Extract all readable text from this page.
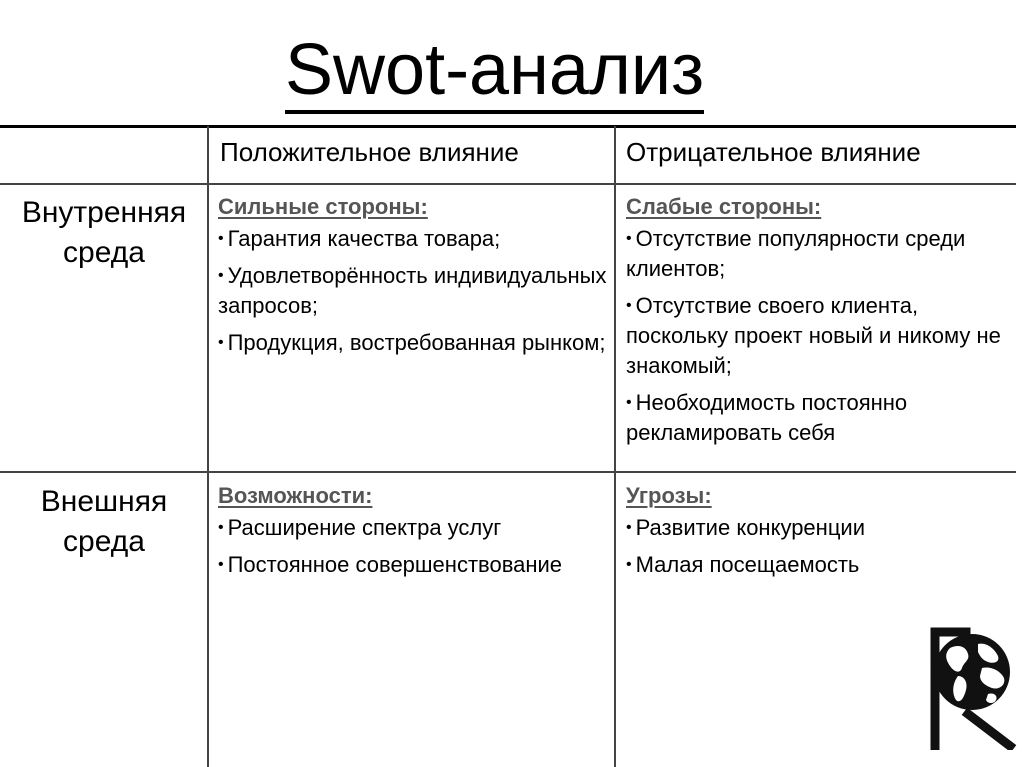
Swot-анализ
Положительное влияние	Отрицательное влияние
Внутренняя среда
Внешняя среда
Сильные стороны:
• Гарантия качества товара;
• Удовлетворённость индивидуальных запросов;
• Продукция, востребованная рынком;
Слабые стороны:
• Отсутствие популярности среди клиентов;
• Отсутствие своего клиента, поскольку проект новый и никому не знакомый;
• Необходимость постоянно рекламировать себя
Возможности:
• Расширение спектра услуг
• Постоянное совершенствование
Угрозы:
• Развитие конкуренции
• Малая посещаемость
